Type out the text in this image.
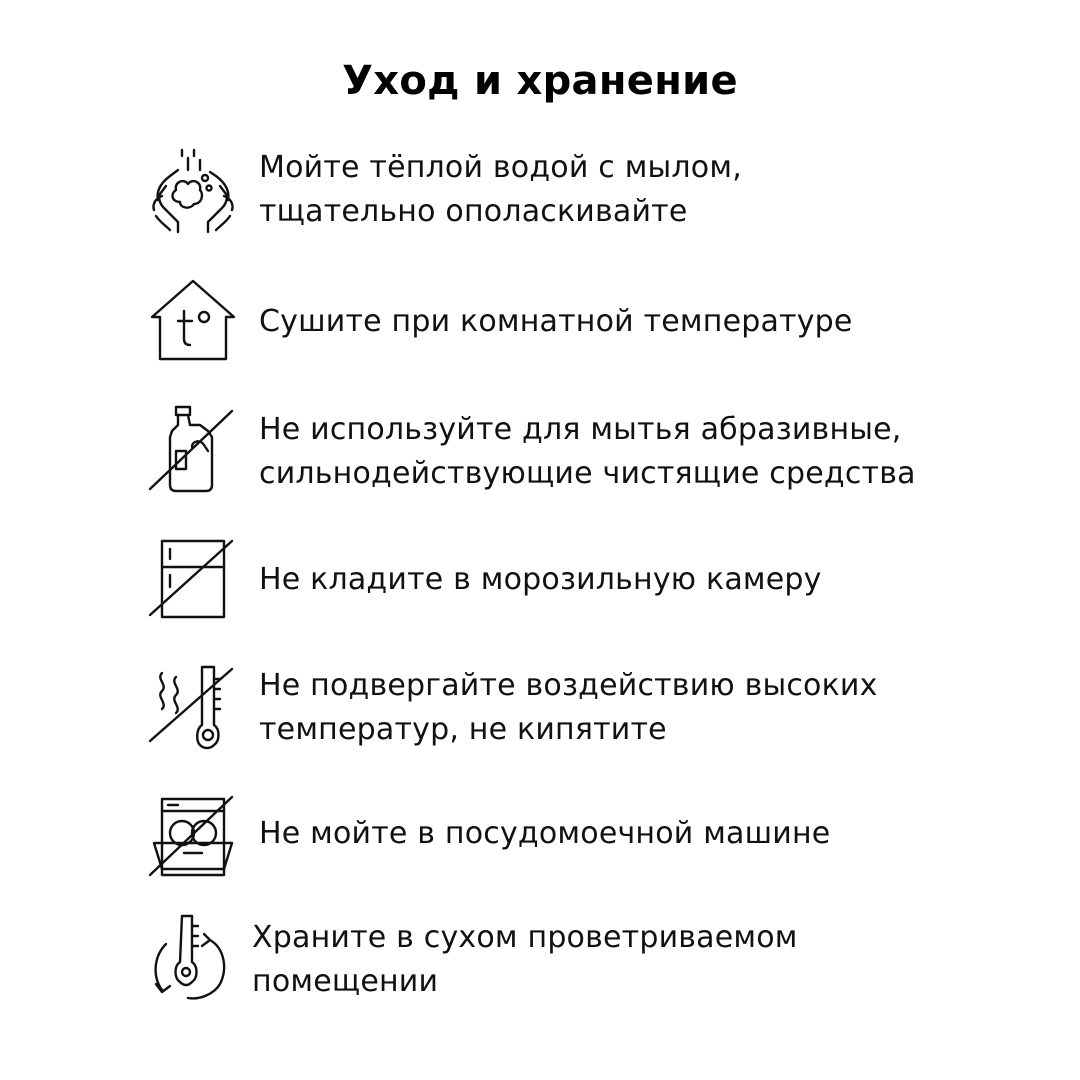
Уход и хранение
Мойте тёплой водой с мылом,
тщательно ополаскивайте
Сушите при комнатной температуре
Не используйте для мытья абразивные,
сильнодействующие чистящие средства
Не кладите в морозильную камеру
Не подвергайте воздействию высоких
температур, не кипятите
Не мойте в посудомоечной машине
Храните в сухом проветриваемом
помещении
